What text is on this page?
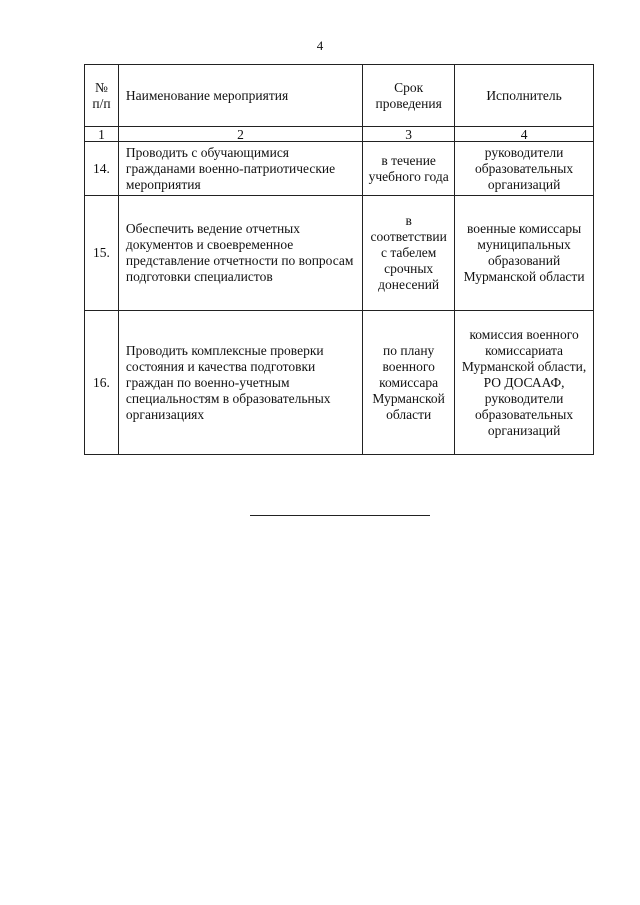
4
№ п/п	Наименование мероприятия	Срок проведения	Исполнитель
1	2	3	4
14.	Проводить с обучающимися гражданами военно-патриотические мероприятия	в течение учебного года	руководители образовательных организаций
15.	Обеспечить ведение отчетных документов и своевременное представление отчетности по вопросам подготовки специалистов	в соответствии с табелем срочных донесений	военные комиссары муниципальных образований Мурманской области
16.	Проводить комплексные проверки состояния и качества подготовки граждан по военно-учетным специальностям в образовательных организациях	по плану военного комиссара Мурманской области	комиссия военного комиссариата Мурманской области, РО ДОСААФ, руководители образовательных организаций
